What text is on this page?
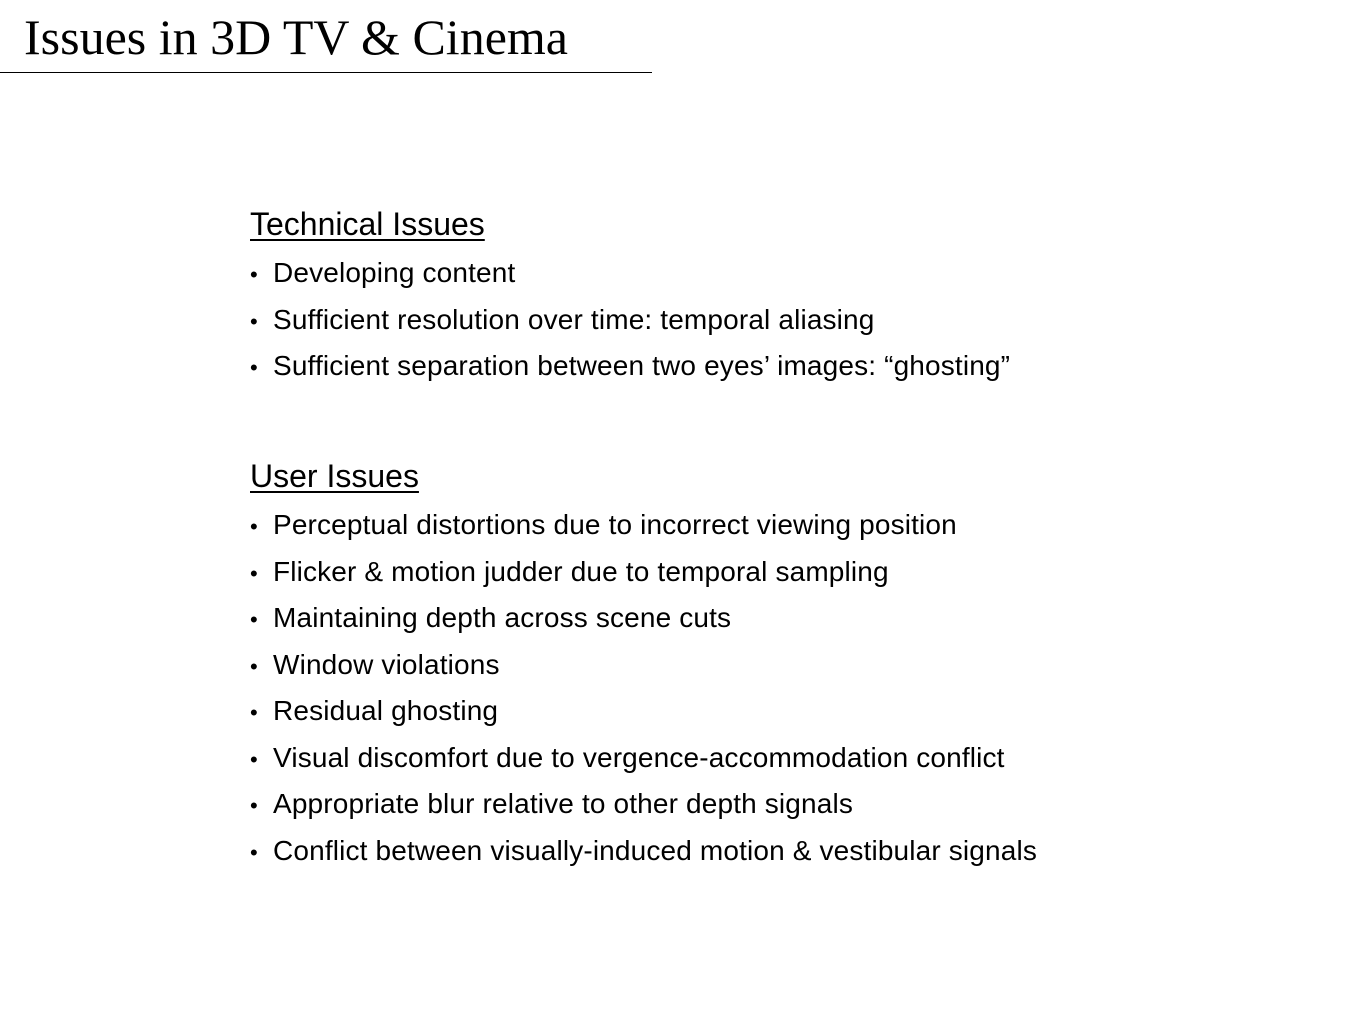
Issues in 3D TV & Cinema
Technical Issues
• Developing content
• Sufficient resolution over time: temporal aliasing
• Sufficient separation between two eyes’ images: “ghosting”
User Issues
• Perceptual distortions due to incorrect viewing position
• Flicker & motion judder due to temporal sampling
• Maintaining depth across scene cuts
• Window violations
• Residual ghosting
• Visual discomfort due to vergence-accommodation conflict
• Appropriate blur relative to other depth signals
• Conflict between visually-induced motion & vestibular signals
